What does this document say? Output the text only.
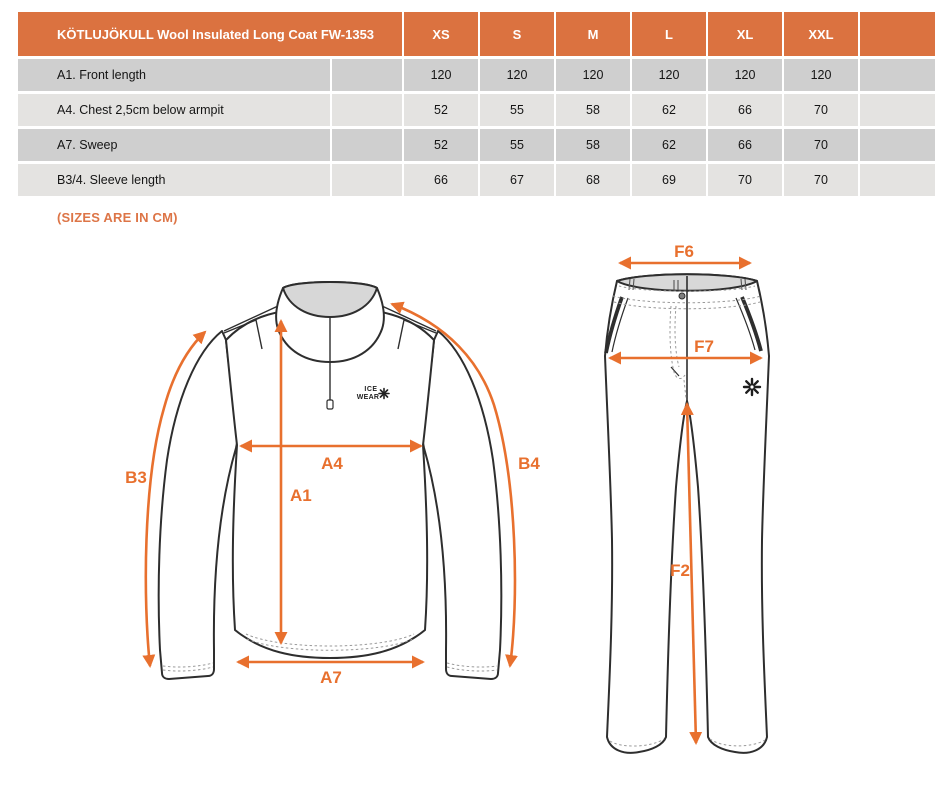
KÖTLUJÖKULL Wool Insulated Long Coat FW-1353	XS	S	M	L	XL	XXL
A1. Front length	120	120	120	120	120	120
A4. Chest 2,5cm below armpit	52	55	58	62	66	70
A7. Sweep	52	55	58	62	66	70
B3/4. Sleeve length	66	67	68	69	70	70
(SIZES ARE IN CM)
ICE
WEAR
B3
B4
A1
A4
A7
F6
F7
F2
